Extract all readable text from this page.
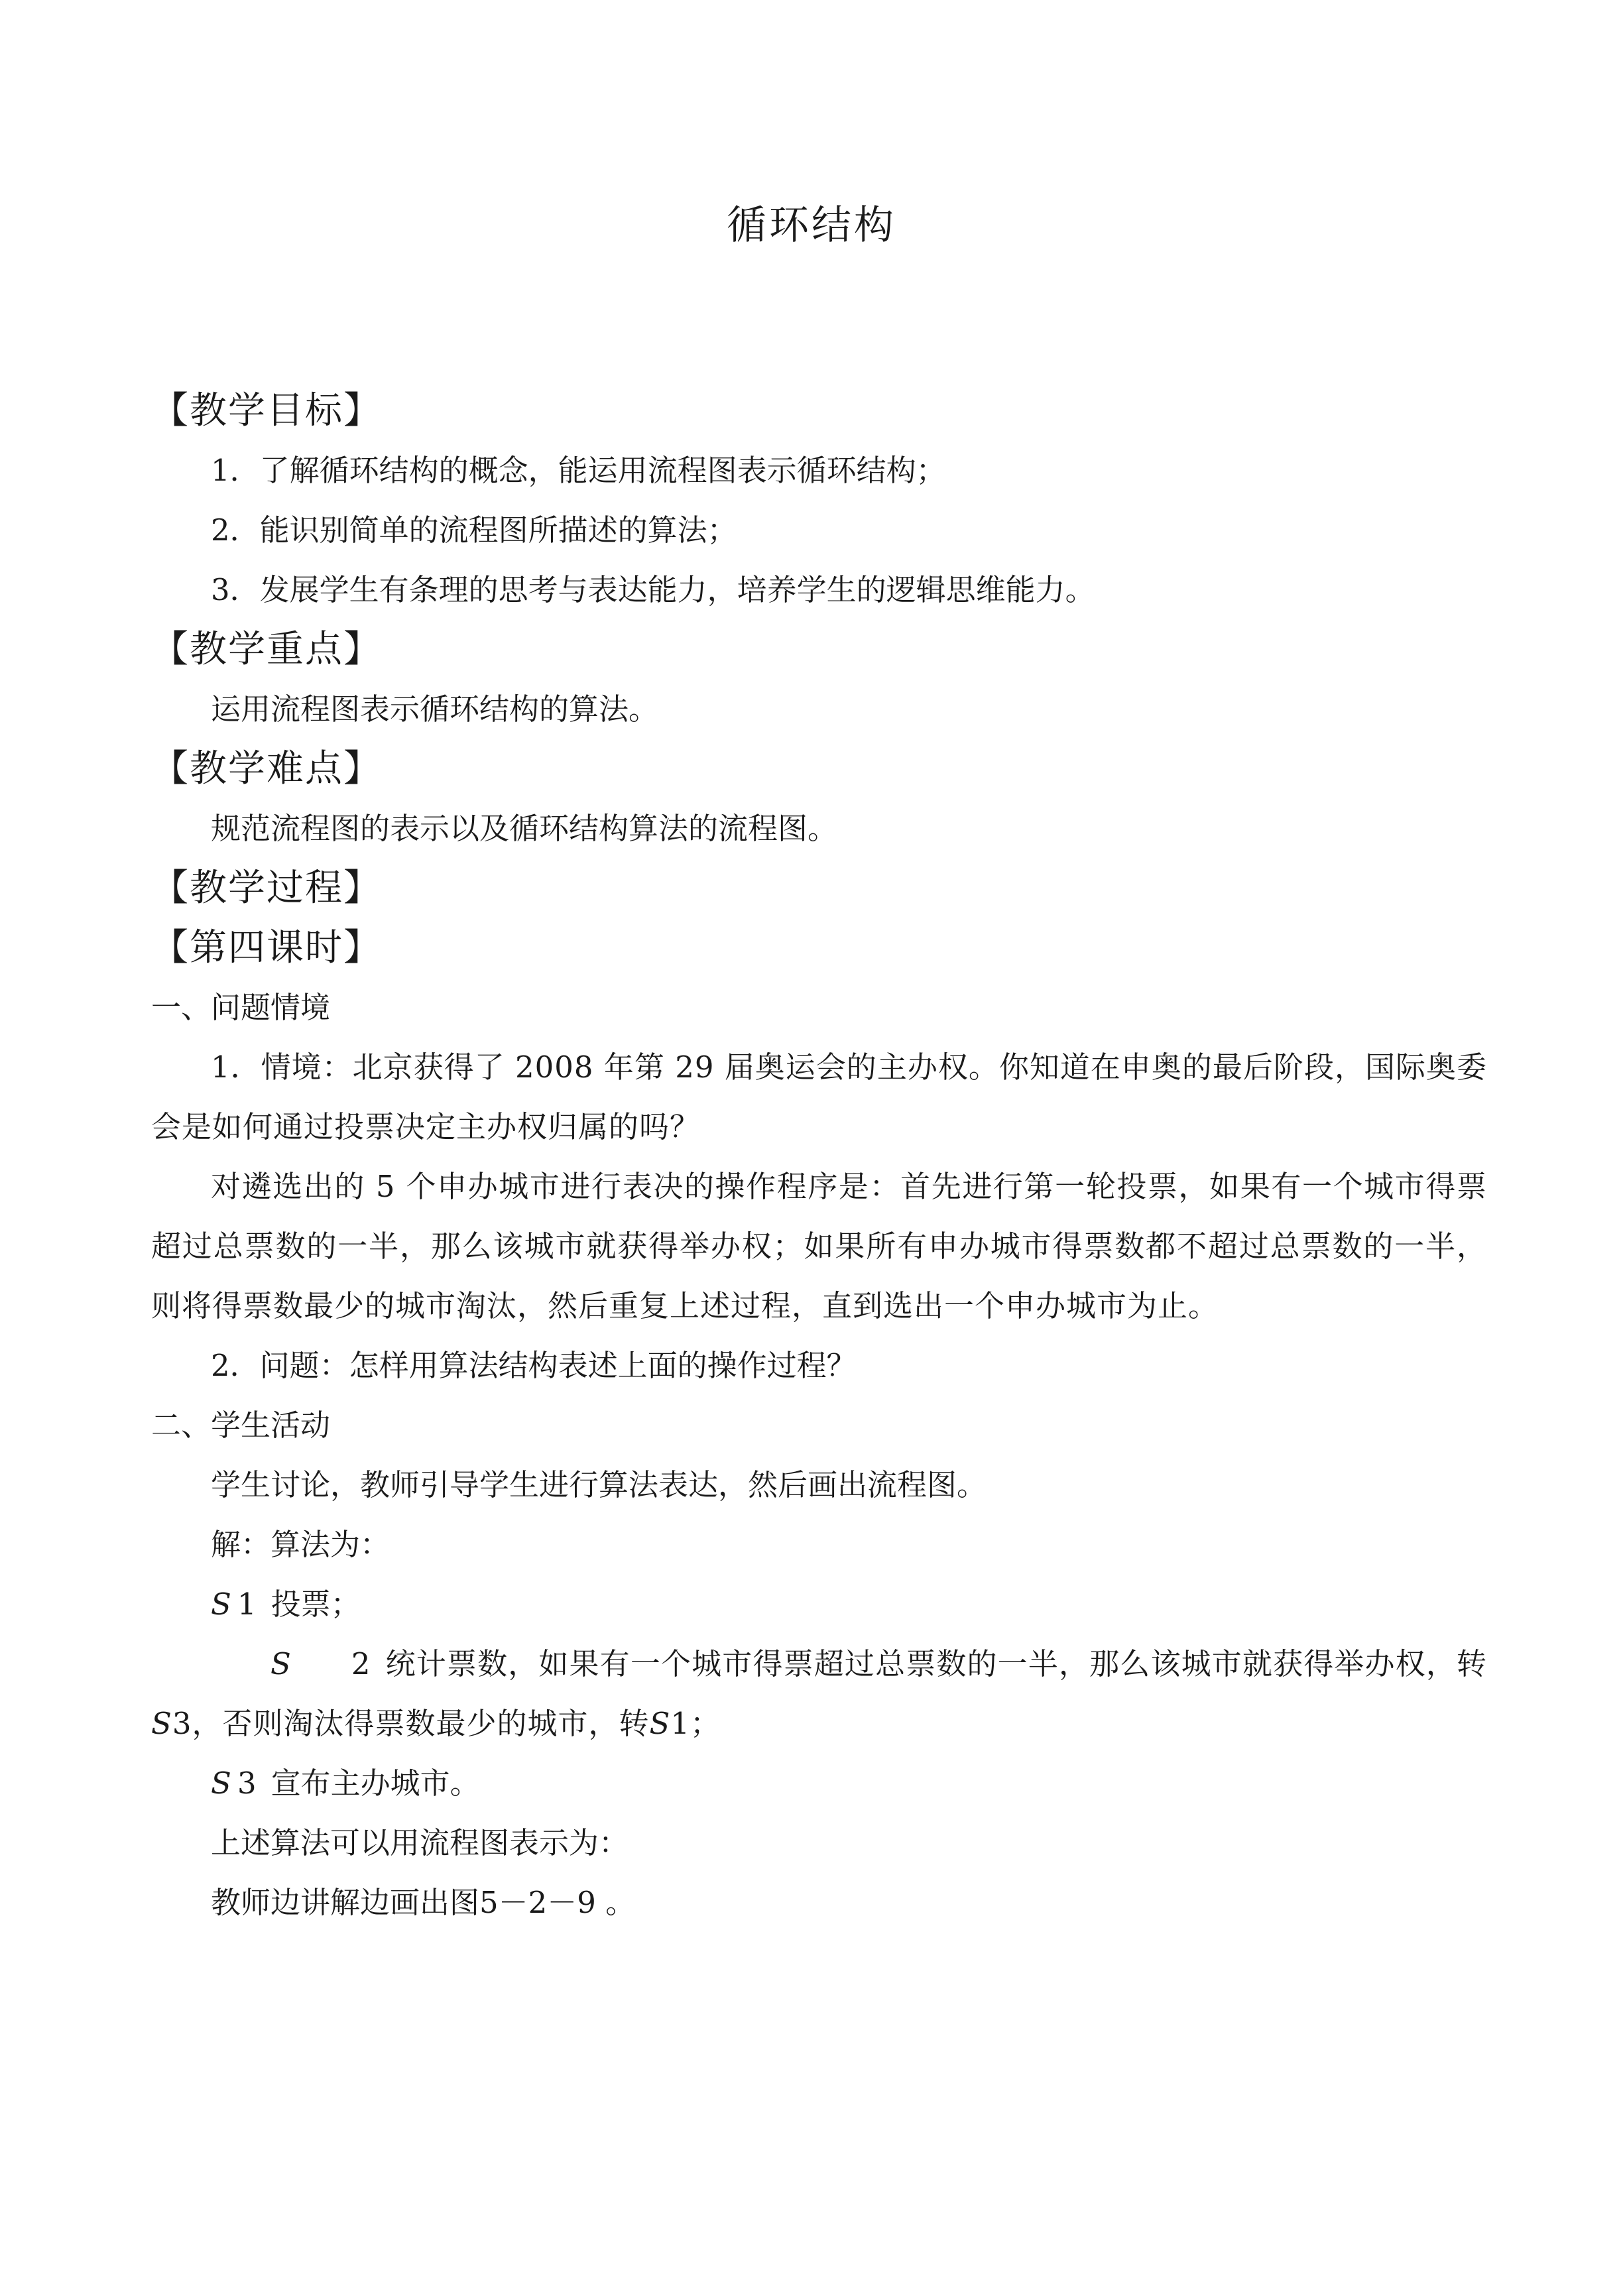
循环结构
【教学目标】
1．了解循环结构的概念，能运用流程图表示循环结构；
2．能识别简单的流程图所描述的算法；
3．发展学生有条理的思考与表达能力，培养学生的逻辑思维能力。
【教学重点】
运用流程图表示循环结构的算法。
【教学难点】
规范流程图的表示以及循环结构算法的流程图。
【教学过程】
【第四课时】
一、问题情境
1．情境：北京获得了 2008 年第 29 届奥运会的主办权。你知道在申奥的最后阶段，国际奥委会是如何通过投票决定主办权归属的吗？
对遴选出的 5 个申办城市进行表决的操作程序是：首先进行第一轮投票，如果有一个城市得票超过总票数的一半，那么该城市就获得举办权；如果所有申办城市得票数都不超过总票数的一半，则将得票数最少的城市淘汰，然后重复上述过程，直到选出一个申办城市为止。
2．问题：怎样用算法结构表述上面的操作过程？
二、学生活动
学生讨论，教师引导学生进行算法表达，然后画出流程图。
解：算法为：
S 1 投票；
S 2 统计票数，如果有一个城市得票超过总票数的一半，那么该城市就获得举办权，转S3，否则淘汰得票数最少的城市，转S1；
S 3 宣布主办城市。
上述算法可以用流程图表示为：
教师边讲解边画出图5－2－9 。
